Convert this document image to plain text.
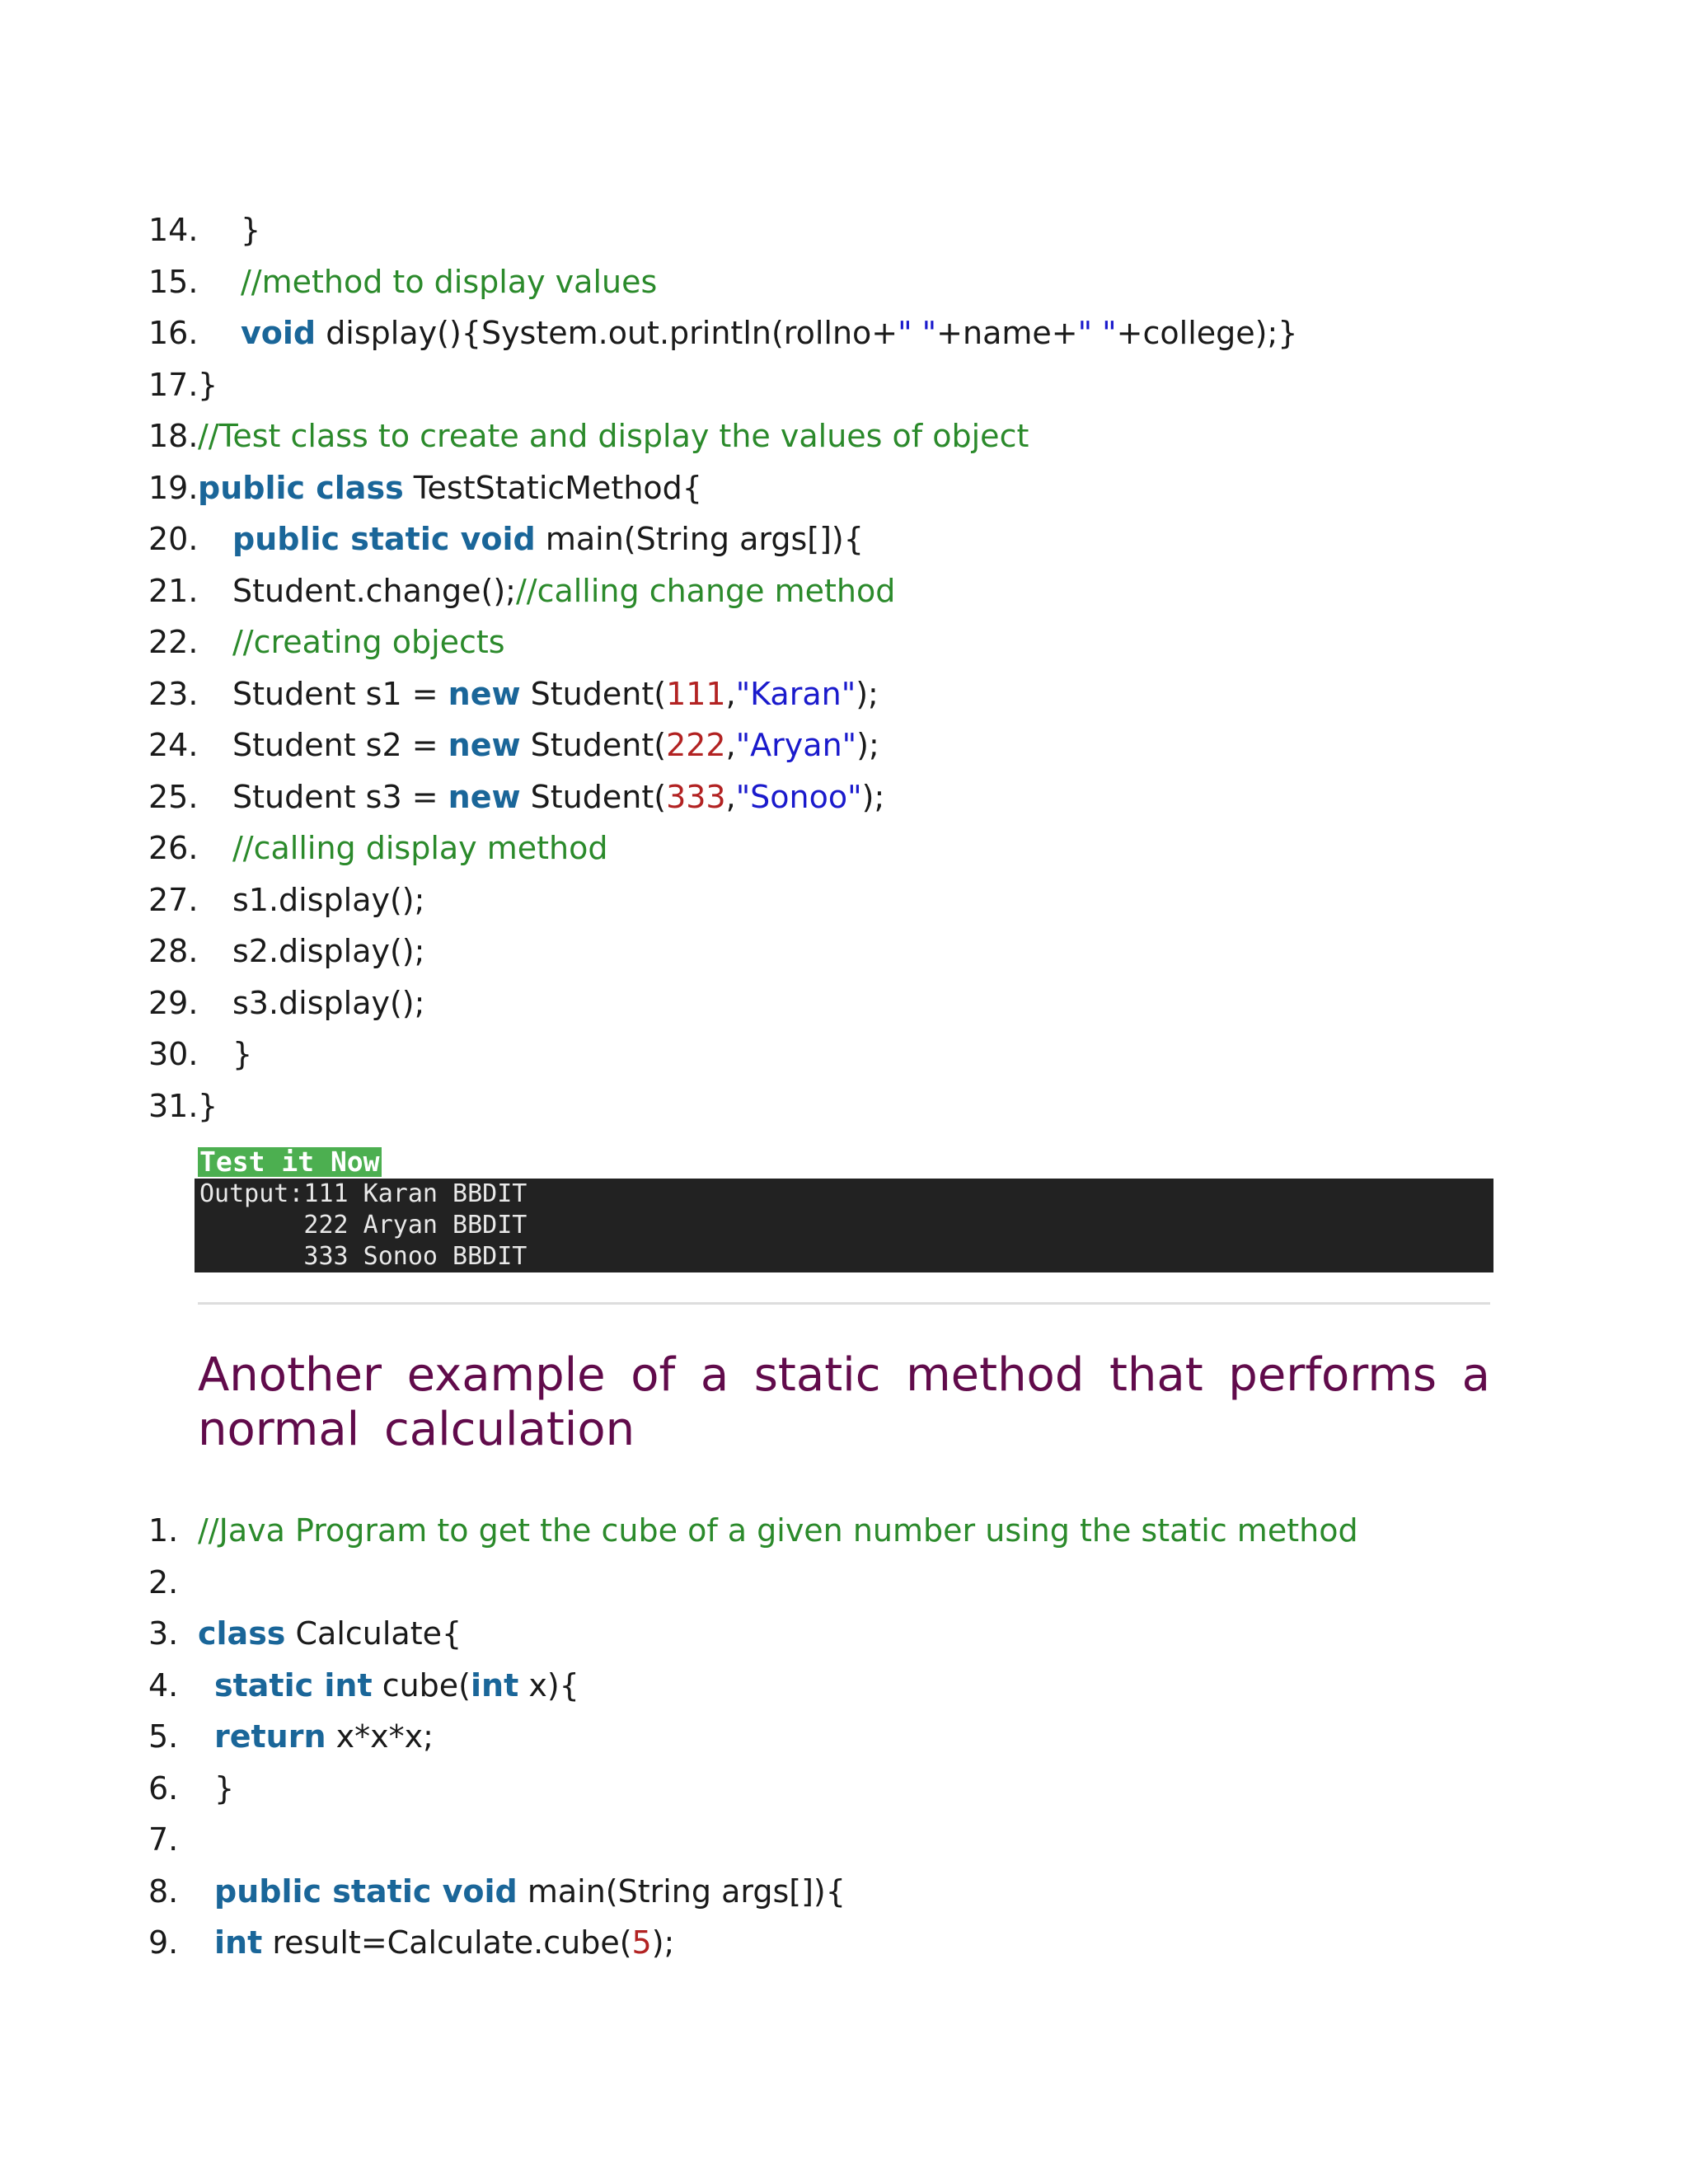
14. }
15. //method to display values
16. void display(){System.out.println(rollno+" "+name+" "+college);}
17. }
18. //Test class to create and display the values of object
19. public class TestStaticMethod{
20. public static void main(String args[]){
21. Student.change();//calling change method
22. //creating objects
23. Student s1 = new Student(111,"Karan");
24. Student s2 = new Student(222,"Aryan");
25. Student s3 = new Student(333,"Sonoo");
26. //calling display method
27. s1.display();
28. s2.display();
29. s3.display();
30. }
31. }
Test it Now
Output:111 Karan BBDIT
222 Aryan BBDIT
333 Sonoo BBDIT
Another example of a static method that performs a normal calculation
1. //Java Program to get the cube of a given number using the static method
2.
3. class Calculate{
4. static int cube(int x){
5. return x*x*x;
6. }
7.
8. public static void main(String args[]){
9. int result=Calculate.cube(5);
